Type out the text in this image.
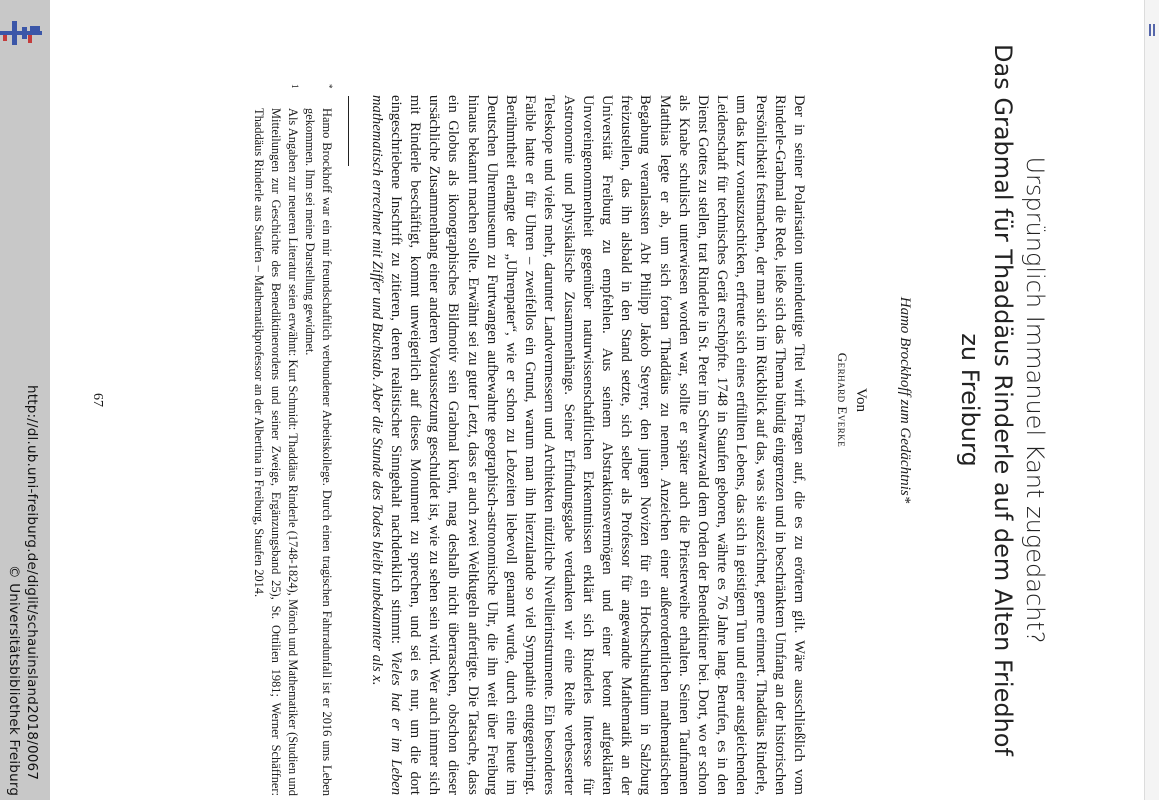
http://dl.ub.uni-freiburg.de/diglit/schauinsland2018/0067
© Universitätsbibliothek Freiburg
Ursprünglich Immanuel Kant zugedacht?
Das Grabmal für Thaddäus Rinderle auf dem Alten Friedhof
zu Freiburg
Hamo Brockhoff zum Gedächtnis*
Von
Gerhard Everke
Der in seiner Polarisation uneindeutige Titel wirft Fragen auf, die es zu erörtern gilt. Wäre ausschließlich vom Rinderle-Grabmal die Rede, ließe sich das Thema bündig eingrenzen und in beschränktem Umfang an der historischen Persönlichkeit festmachen, der man sich im Rückblick auf das, was sie auszeichnet, gerne erinnert. Thaddäus Rinderle, um das kurz vorauszuschicken, erfreute sich eines erfüllten Lebens, das sich in geistigem Tun und einer ausgleichenden Leidenschaft für technisches Gerät erschöpfte. 1748 in Staufen geboren, währte es 76 Jahre lang. Berufen, es in den Dienst Gottes zu stellen, trat Rinderle in St. Peter im Schwarzwald dem Orden der Benediktiner bei. Dort, wo er schon als Knabe schulisch unterwiesen worden war, sollte er später auch die Priesterweihe erhalten. Seinen Taufnamen Matthias legte er ab, um sich fortan Thaddäus zu nennen. Anzeichen einer außerordentlichen mathematischen Begabung veranlassten Abt Philipp Jakob Steyrer, den jungen Novizen für ein Hochschulstudium in Salzburg freizustellen, das ihn alsbald in den Stand setzte, sich selber als Professor für angewandte Mathematik an der Universität Freiburg zu empfehlen. Aus seinem Abstraktionsvermögen und einer betont aufgeklärten Unvoreingenommenheit gegenüber naturwissenschaftlichen Erkenntnissen erklärt sich Rinderles Interesse für Astronomie und physikalische Zusammenhänge. Seiner Erfindungsgabe verdanken wir eine Reihe verbesserter Teleskope und vieles mehr, darunter Landvermessern und Architekten nützliche Nivellierinstrumente. Ein besonderes Faible hatte er für Uhren – zweifellos ein Grund, warum man ihn hierzulande so viel Sympathie entgegenbringt. Berühmtheit erlangte der „Uhrenpater“, wie er schon zu Lebzeiten liebevoll genannt wurde, durch eine heute im Deutschen Uhrenmuseum zu Furtwangen aufbewahrte geographisch-astronomische Uhr, die ihn weit über Freiburg hinaus bekannt machen sollte. Erwähnt sei zu guter Letzt, dass er auch zwei Weltkugeln anfertigte. Die Tatsache, dass ein Globus als ikonographisches Bildmotiv sein Grabmal krönt, mag deshalb nicht überraschen, obschon dieser ursächliche Zusammenhang einer anderen Voraussetzung geschuldet ist, wie zu sehen sein wird. Wer auch immer sich mit Rinderle beschäftigt, kommt unweigerlich auf dieses Monument zu sprechen, und sei es nur, um die dort eingeschriebene Inschrift zu zitieren, deren realistischer Sinngehalt nachdenklich stimmt: Vieles hat er im Leben mathematisch errechnet mit Ziffer und Buchstab. Aber die Stunde des Todes bleibt unbekannter als x.
*
Hamo Brockhoff war ein mir freundschaftlich verbundener Arbeitskollege. Durch einen tragischen Fahrradunfall ist er 2016 ums Leben gekommen. Ihm sei meine Darstellung gewidmet.
1
Als Angaben zur neueren Literatur seien erwähnt: Kurt Schmidt: Thaddäus Rinderle (1748-1824), Mönch und Mathematiker (Studien und Mitteilungen zur Geschichte des Benediktinerordens und seiner Zweige, Ergänzungsband 25), St. Ottilien 1981; Werner Schäffner: Thaddäus Rinderle aus Staufen – Mathematikprofessor an der Albertina in Freiburg, Staufen 2014.
67
